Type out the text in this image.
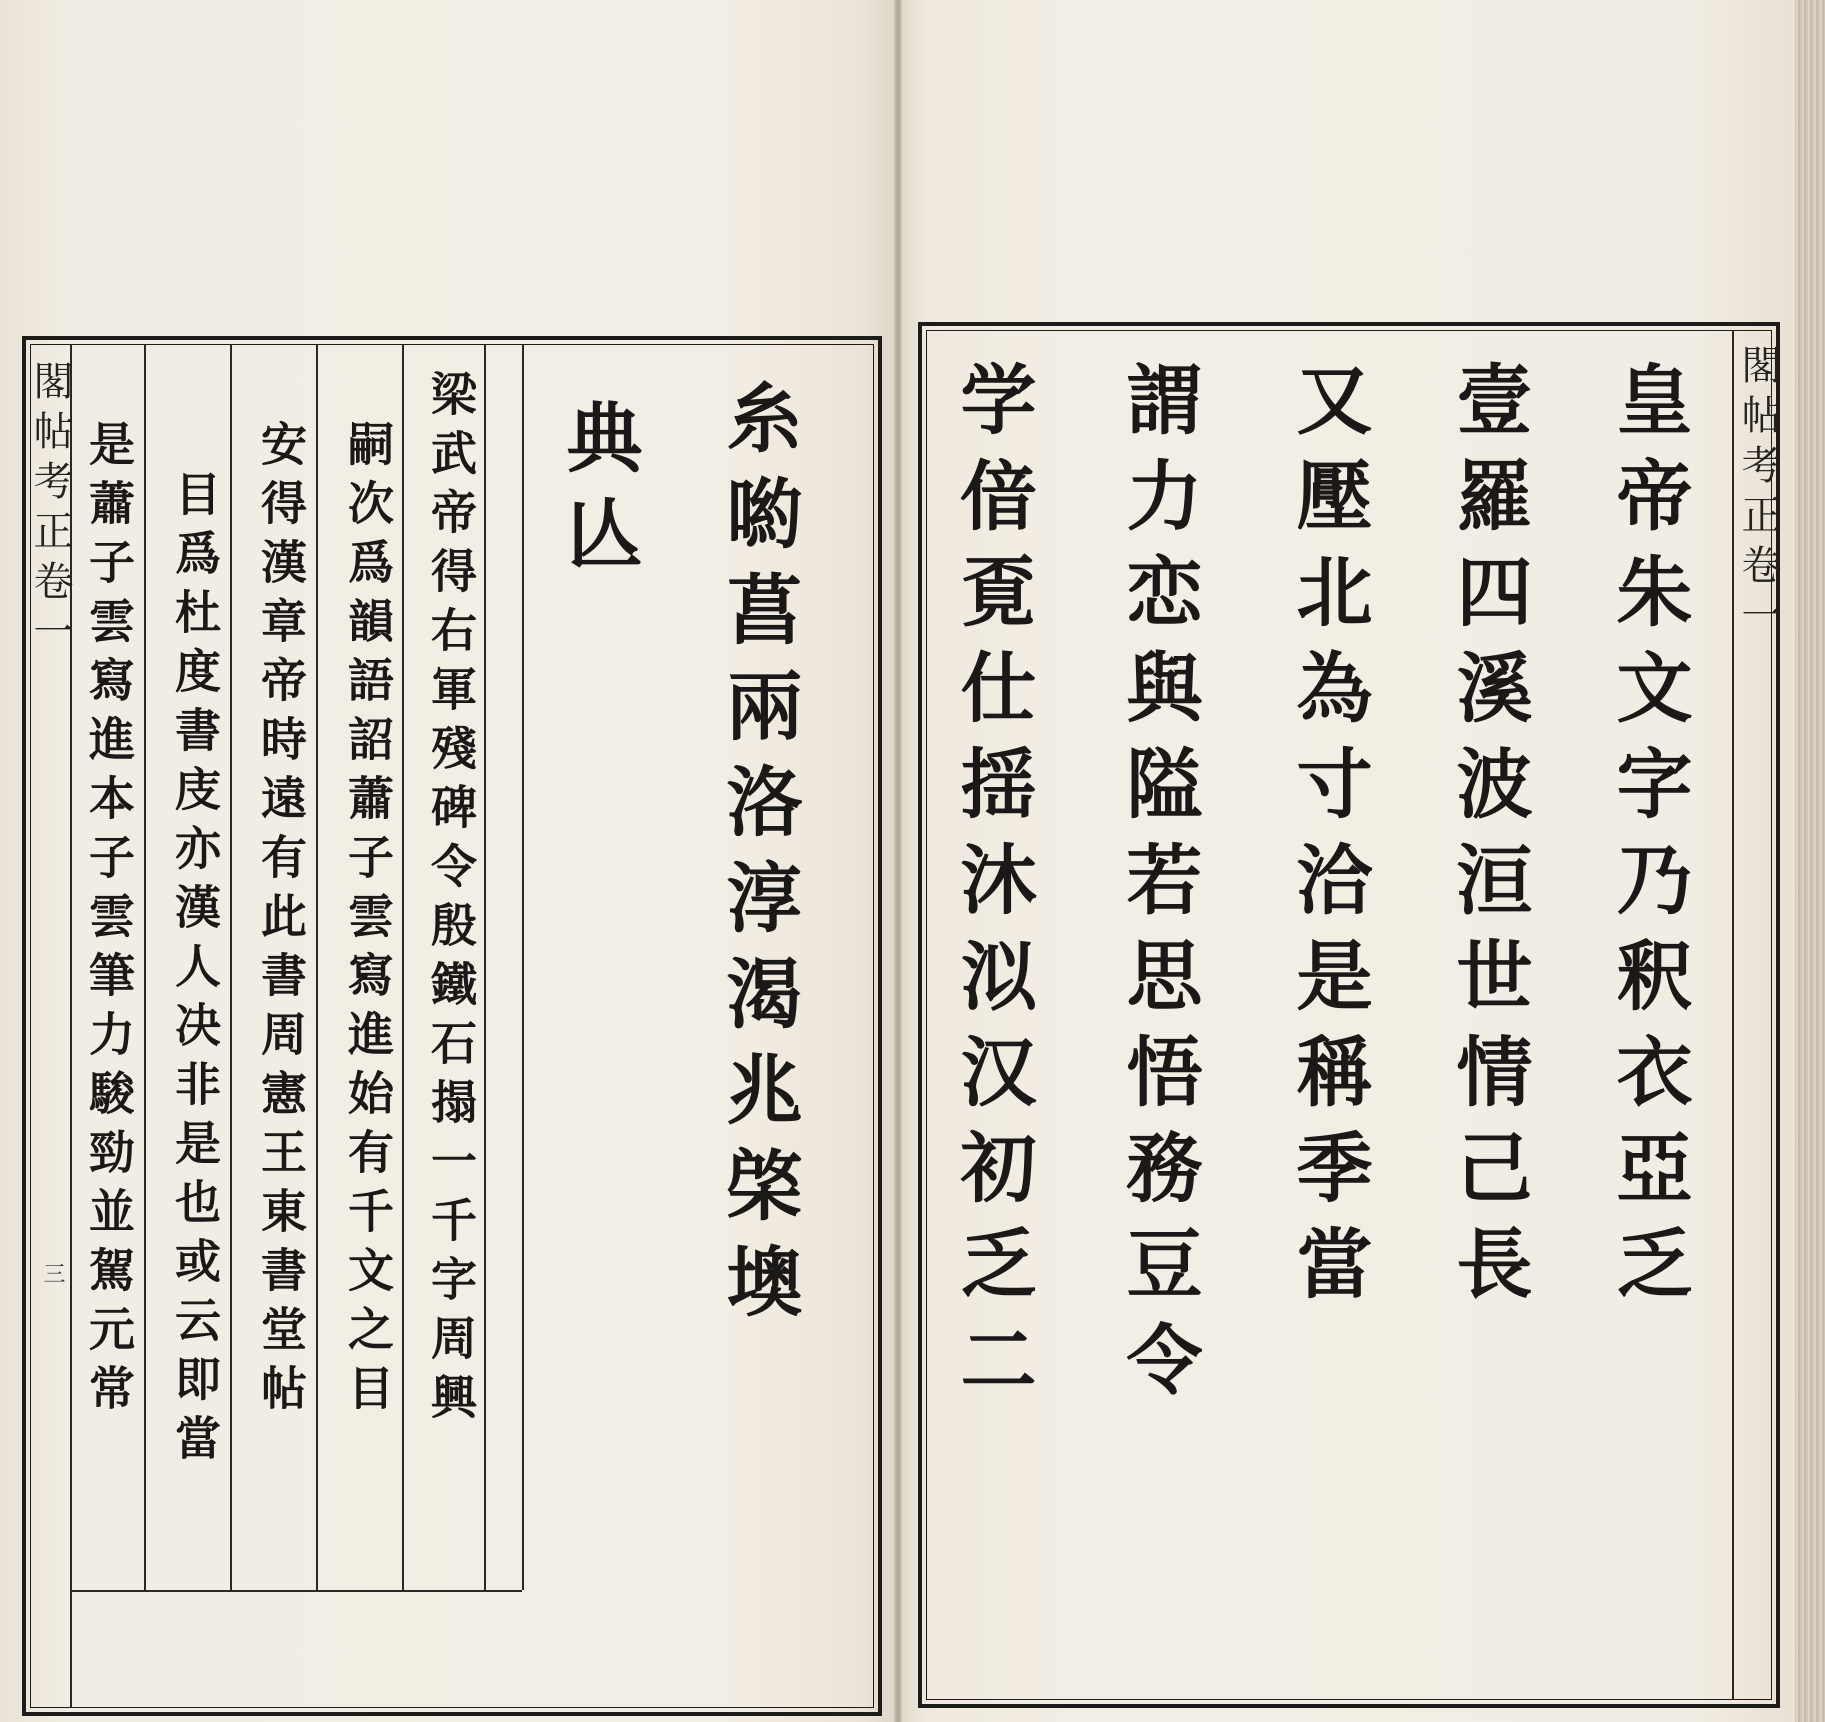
閣帖考正卷一
三	梁武帝得右軍殘碑令殷鐵石搨一千字周興
嗣次爲韻語詔蕭子雲寫進始有千文之目
安得漢章帝時遠有此書周憲王東書堂帖
目爲杜度書庋亦漢人决非是也或云即當
是蕭子雲寫進本子雲筆力駿勁並駕元常	糸喲菖兩洛淳渴兆棨墺
典亾	閣帖考正卷一
皇帝朱文字乃釈衣亞乏
壹羅四溪波洹世情己長
又壓北為寸洽是稱季當
謂力恋與隘若思悟務豆令
学偣覔仕揺沐泤汉初乏二
